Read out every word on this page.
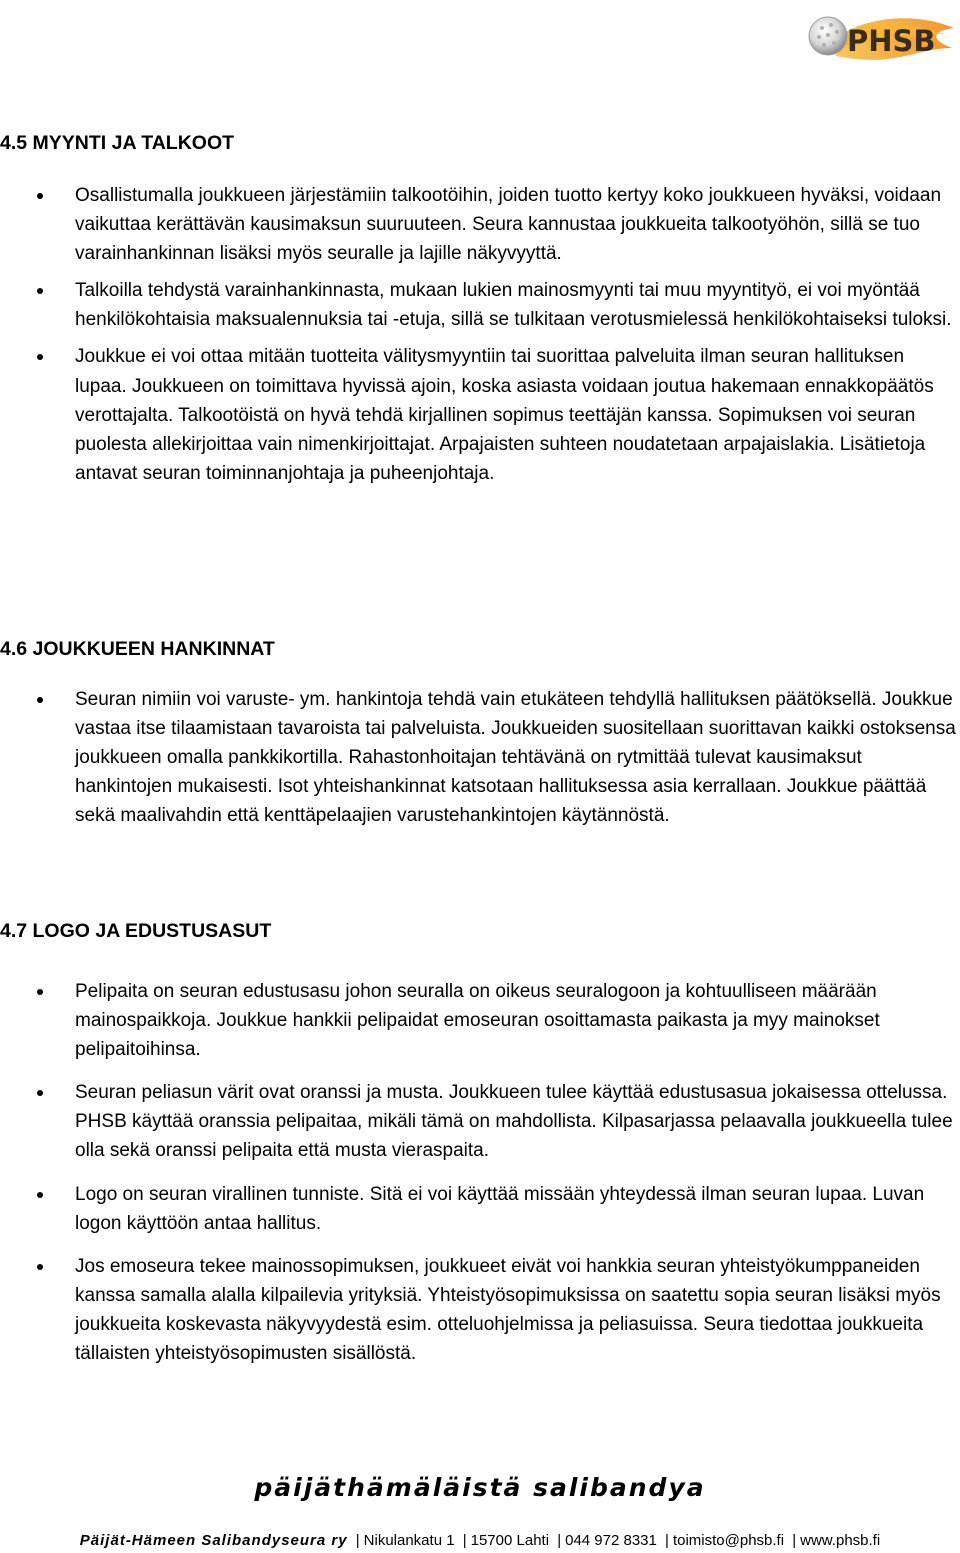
PHSB
4.5 MYYNTI JA TALKOOT
Osallistumalla joukkueen järjestämiin talkootöihin, joiden tuotto kertyy koko joukkueen hyväksi, voidaan vaikuttaa kerättävän kausimaksun suuruuteen. Seura kannustaa joukkueita talkootyöhön, sillä se tuo varainhankinnan lisäksi myös seuralle ja lajille näkyvyyttä.
Talkoilla tehdystä varainhankinnasta, mukaan lukien mainosmyynti tai muu myyntityö, ei voi myöntää henkilökohtaisia maksualennuksia tai -etuja, sillä se tulkitaan verotusmielessä henkilökohtaiseksi tuloksi.
Joukkue ei voi ottaa mitään tuotteita välitysmyyntiin tai suorittaa palveluita ilman seuran hallituksen lupaa. Joukkueen on toimittava hyvissä ajoin, koska asiasta voidaan joutua hakemaan ennakkopäätös verottajalta. Talkootöistä on hyvä tehdä kirjallinen sopimus teettäjän kanssa. Sopimuksen voi seuran puolesta allekirjoittaa vain nimenkirjoittajat. Arpajaisten suhteen noudatetaan arpajaislakia. Lisätietoja antavat seuran toiminnanjohtaja ja puheenjohtaja.
4.6 JOUKKUEEN HANKINNAT
Seuran nimiin voi varuste- ym. hankintoja tehdä vain etukäteen tehdyllä hallituksen päätöksellä. Joukkue vastaa itse tilaamistaan tavaroista tai palveluista. Joukkueiden suositellaan suorittavan kaikki ostoksensa joukkueen omalla pankkikortilla. Rahastonhoitajan tehtävänä on rytmittää tulevat kausimaksut hankintojen mukaisesti. Isot yhteishankinnat katsotaan hallituksessa asia kerrallaan. Joukkue päättää sekä maalivahdin että kenttäpelaajien varustehankintojen käytännöstä.
4.7 LOGO JA EDUSTUSASUT
Pelipaita on seuran edustusasu johon seuralla on oikeus seuralogoon ja kohtuulliseen määrään mainospaikkoja. Joukkue hankkii pelipaidat emoseuran osoittamasta paikasta ja myy mainokset pelipaitoihinsa.
Seuran peliasun värit ovat oranssi ja musta. Joukkueen tulee käyttää edustusasua jokaisessa ottelussa. PHSB käyttää oranssia pelipaitaa, mikäli tämä on mahdollista. Kilpasarjassa pelaavalla joukkueella tulee olla sekä oranssi pelipaita että musta vieraspaita.
Logo on seuran virallinen tunniste. Sitä ei voi käyttää missään yhteydessä ilman seuran lupaa. Luvan logon käyttöön antaa hallitus.
Jos emoseura tekee mainossopimuksen, joukkueet eivät voi hankkia seuran yhteistyökumppaneiden kanssa samalla alalla kilpailevia yrityksiä. Yhteistyösopimuksissa on saatettu sopia seuran lisäksi myös joukkueita koskevasta näkyvyydestä esim. otteluohjelmissa ja peliasuissa. Seura tiedottaa joukkueita tällaisten yhteistyösopimusten sisällöstä.
päijäthämäläistä salibandya
Päijät-Hämeen Salibandyseura ry | Nikulankatu 1 | 15700 Lahti | 044 972 8331 | toimisto@phsb.fi | www.phsb.fi
